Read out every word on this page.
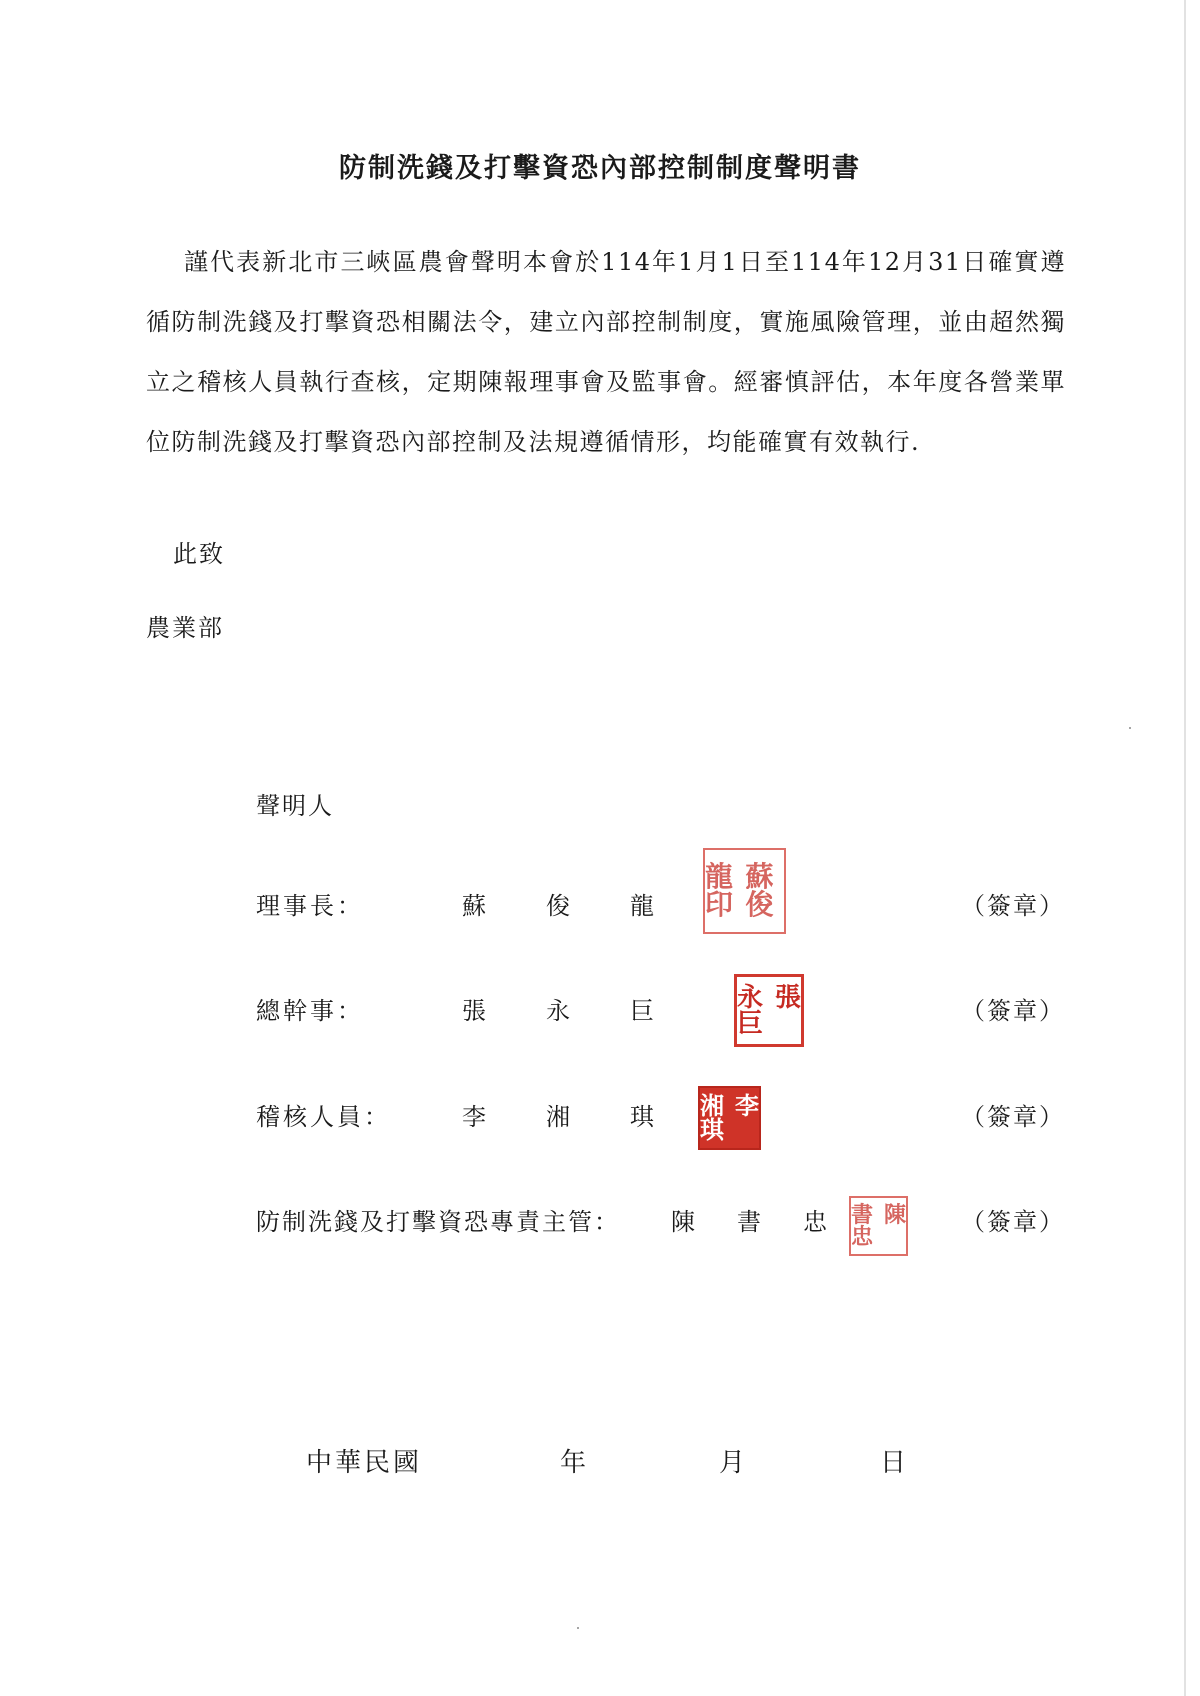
防制洗錢及打擊資恐內部控制制度聲明書

謹代表新北市三峽區農會聲明本會於114年1月1日至114年12月31日確實遵循防制洗錢及打擊資恐相關法令，建立內部控制制度，實施風險管理，並由超然獨立之稽核人員執行查核，定期陳報理事會及監事會。經審慎評估，本年度各營業單位防制洗錢及打擊資恐內部控制及法規遵循情形，均能確實有效執行.

此致
農業部
聲明人
理事長：	蘇	俊	龍	（簽章）
蘇俊
龍印
總幹事：	張	永	巨	（簽章）
張
永巨
稽核人員：	李	湘	琪	（簽章）
李
湘琪
防制洗錢及打擊資恐專責主管： 陳 書 忠	（簽章）
陳
書忠
中華民國	年	月	日
